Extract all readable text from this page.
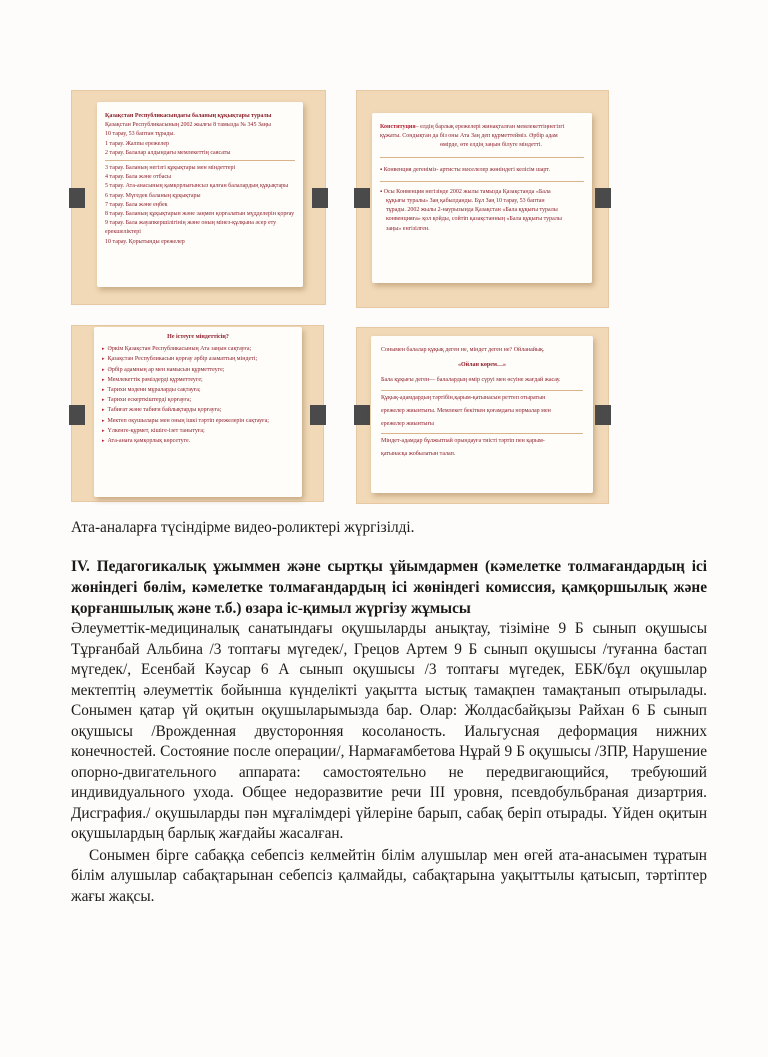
Қазақстан Республикасындағы баланың құқықтары туралы
Қазақстан Республикасының 2002 жылғы 8 тамызда № 345 Заңы
10 тарау, 53 баптан тұрады.
1 тарау. Жалпы ережелер
2 тарау. Балалар алдындағы мемлекеттің саясаты
3 тарау. Баланың негізгі құқықтары мен міндеттері
4 тарау. Бала және отбасы
5 тарау. Ата-анасының қамқорлығынсыз қалған балалардың құқықтары
6 тарау. Мүгедек баланың құқықтары
7 тарау. Бала және еңбек
8 тарау. Баланың құқықтарын және заңмен қорғалатын мүдделерін қорғау
9 тарау. Бала жауапкершілігінің және оның мінез-құлқына әсер ету
ерекшеліктері
10 тарау. Қорытынды ережелер
Конституция– елдің барлық ережелері жинақталған мемлекеттіңнегізгі
құжаты. Сондықтан да біз оны Ата Заң деп құрметтейміз. Әрбір адам
өмірде, өте елдің заңын білуге міндетті.
▪ Конвенция дегеніміз- артисты мәселелер жөніндегі келісім шарт.
▪ Осы Конвенция негізінде 2002 жылы тамызда Қазақстанда «Бала
құқығы туралы» Заң қабылданды. Бұл Заң 10 тарау, 53 баптан
тұрады. 2002 жылы 2-наурызында Қазақстан «Бала құқығы туралы
конвенцияға» қол қойды, сойтіп қазақстанның «Бала құқығы туралы
заңы» енгізілген.
Не істеуге міндеттісің?
▸ Әркім Қазақстан Республикасының Ата заңын сақтауға;
▸ Қазақстан Республикасын қорғау әрбір азаматтың міндеті;
▸ Әрбір адамның ар мен намысын құрметтеуге;
▸ Мемлекеттік рәміздерді құрметтеуге;
▸ Тарихи мәдени мұраларды сақтауға;
▸ Тарихи ескерткіштерді қорғауға;
▸ Табиғат және табиғи байлықтарды қорғауға;
▸ Мектеп оқушылары мен оның ішкі тәртіп ережелерін сақтауға;
▸ Үлкенге-құрмет, кішіге-ізет танытуға;
▸ Ата-анаға қамқорлық көрсетуге.
Сонымен балалар құқық деген не, міндет деген не? Ойланайық.
«Ойлан көрем…»
Бала құқығы деген— балалардың өмір сүруі мен өсуіне жағдай жасау.
Құқық-адамдардың тәртібін,қарым-қатынасын реттеп отыратын
ережелер жиынтығы. Мемлекет бекіткен қоғамдағы нормалар мен
ережелер жиынтығы
Міндет-адамдар бұлжытпай орындауға тиісті тәртіп пен қарым-
қатынасқа жобылатын талап.
Ата-аналарға түсіндірме видео-роликтері жүргізілді.
IV. Педагогикалық ұжыммен және сыртқы ұйымдармен (кәмелетке толмағандардың ісі жөніндегі бөлім, кәмелетке толмағандардың ісі жөніндегі комиссия, қамқоршылық және қорғаншылық және т.б.) өзара іс-қимыл жүргізу жұмысы

Әлеуметтік-медициналық санатындағы оқушыларды анықтау, тізіміне 9 Б сынып оқушысы Тұрғанбай Альбина /3 топтағы мүгедек/, Грецов Артем 9 Б сынып оқушысы /туғанна бастап мүгедек/, Есенбай Кәусар 6 А сынып оқушысы /3 топтағы мүгедек, ЕБК/бұл оқушылар мектептің әлеуметтік бойынша күнделікті уақытта ыстық тамақпен тамақтанып отырылады. Сонымен қатар үй оқитын оқушыларымызда бар. Олар: Жолдасбайқызы Райхан 6 Б сынып оқушысы /Врожденная двусторонняя косоланость. Иальгусная деформация нижних конечностей. Состояние после операции/, Нармағамбетова Нұрай 9 Б оқушысы /ЗПР, Нарушение опорно-двигательного аппарата: самостоятельно не передвигающийся, требуюший индивидуального ухода. Общее недоразвитие речи III уровня, псевдобульбраная дизартрия. Дисграфия./ оқушыларды пән мұғалімдері үйлеріне барып, сабақ беріп отырады. Үйден оқитын оқушылардың барлық жағдайы жасалған.

Сонымен бірге сабаққа себепсіз келмейтін білім алушылар мен өгей ата-анасымен тұратын білім алушылар сабақтарынан себепсіз қалмайды, сабақтарына уақыттылы қатысып, тәртіптер жағы жақсы.
